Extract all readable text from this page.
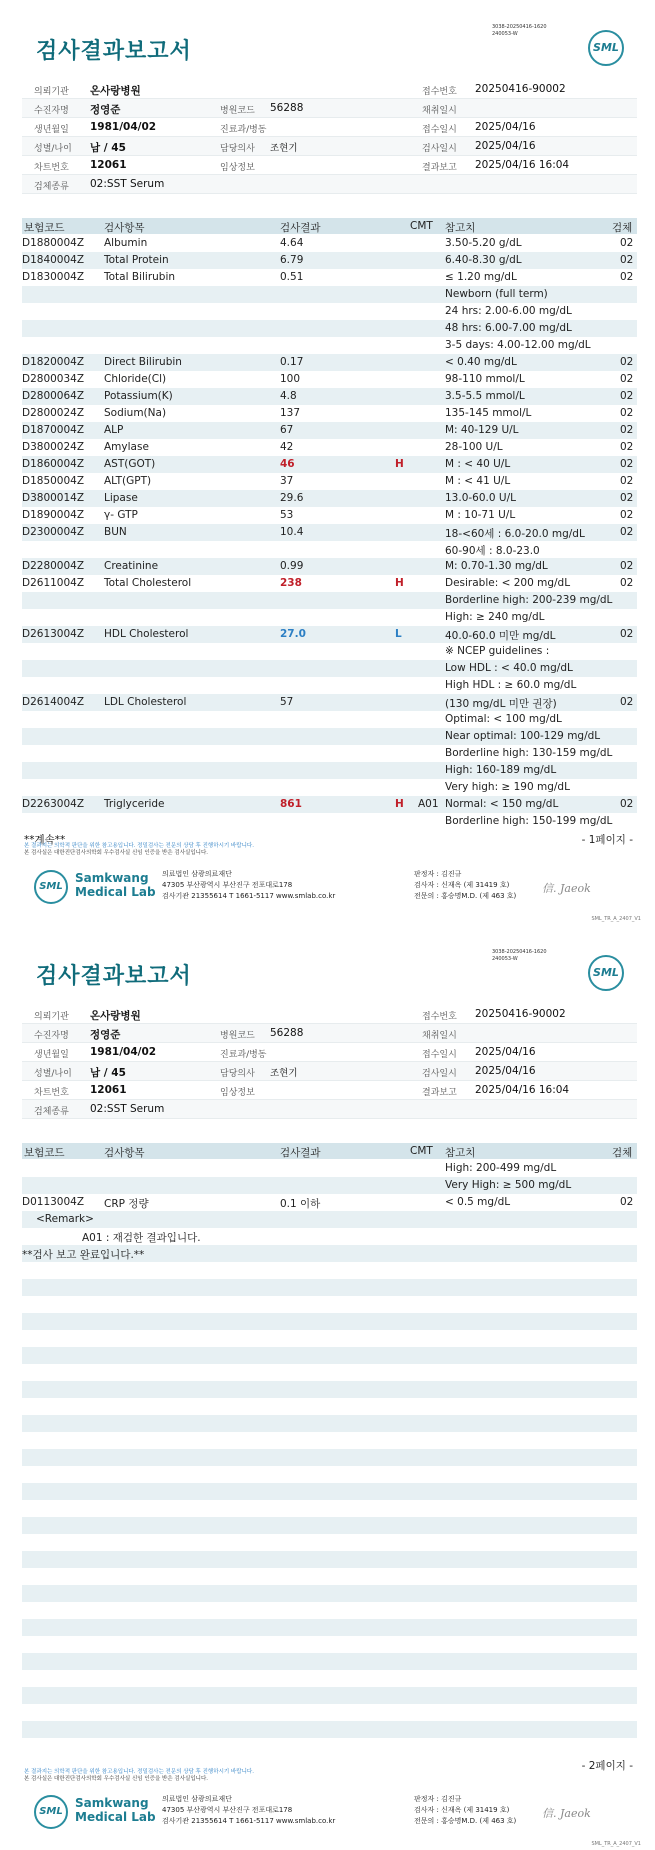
3038-20250416-1620
240053-W
검사결과보고서	SML
의뢰기관 온사랑병원	접수번호 20250416-90002
수진자명 정영준	병원코드 56288	채취일시
생년월일 1981/04/02	진료과/병동	접수일시 2025/04/16
성별/나이 남 / 45	담당의사 조현기	검사일시 2025/04/16
차트번호 12061	임상정보	결과보고 2025/04/16 16:04
검체종류 02:SST Serum
보험코드	검사항목	검사결과	CMT 참고치	검체
D1880004Z Albumin	4.64	3.50-5.20 g/dL	02
D1840004Z Total Protein	6.79	6.40-8.30 g/dL	02
D1830004Z Total Bilirubin	0.51	≤ 1.20 mg/dL	02
Newborn (full term)
24 hrs: 2.00-6.00 mg/dL
48 hrs: 6.00-7.00 mg/dL
3-5 days: 4.00-12.00 mg/dL
D1820004Z Direct Bilirubin	0.17	< 0.40 mg/dL	02
D2800034Z Chloride(Cl)	100	98-110 mmol/L	02
D2800064Z Potassium(K)	4.8	3.5-5.5 mmol/L	02
D2800024Z Sodium(Na)	137	135-145 mmol/L	02
D1870004Z ALP	67	M: 40-129 U/L	02
D3800024Z Amylase	42	28-100 U/L	02
D1860004Z AST(GOT)	46	H	M : < 40 U/L	02
D1850004Z ALT(GPT)	37	M : < 41 U/L	02
D3800014Z Lipase	29.6	13.0-60.0 U/L	02
D1890004Z γ- GTP	53	M : 10-71 U/L	02
D2300004Z BUN	10.4	18-<60세 : 6.0-20.0 mg/dL	02
60-90세 : 8.0-23.0
D2280004Z Creatinine	0.99	M: 0.70-1.30 mg/dL	02
D2611004Z Total Cholesterol	238	H	Desirable: < 200 mg/dL	02
Borderline high: 200-239 mg/dL
High: ≥ 240 mg/dL
D2613004Z HDL Cholesterol	27.0	L	40.0-60.0 미만 mg/dL	02
※ NCEP guidelines :
Low HDL : < 40.0 mg/dL
High HDL : ≥ 60.0 mg/dL
D2614004Z LDL Cholesterol	57	(130 mg/dL 미만 권장)	02
Optimal: < 100 mg/dL
Near optimal: 100-129 mg/dL
Borderline high: 130-159 mg/dL
High: 160-189 mg/dL
Very high: ≥ 190 mg/dL
D2263004Z Triglyceride	861	H A01 Normal: < 150 mg/dL	02
Borderline high: 150-199 mg/dL
**계속**	- 1페이지 -
본 결과지는 의학적 판단을 위한 참고용입니다. 정밀검사는 전문의 상담 후 진행하시기 바랍니다.
본 검사실은 대한진단검사의학회 우수검사실 신임 인증을 받은 검사실입니다.
SML
Samkwang
Medical Lab
의료법인 삼광의료재단
47305 부산광역시 부산진구 전포대로178
검사기관 21355614 T 1661-5117 www.smlab.co.kr
판정자 : 김진규
검사자 : 신재옥 (제 31419 호)
전문의 : 홍승명M.D. (제 463 호)
信. Jaeok
SML_TR_A_2407_V1
3038-20250416-1620
240053-W
검사결과보고서	SML
의뢰기관 온사랑병원	접수번호 20250416-90002
수진자명 정영준	병원코드 56288	채취일시
생년월일 1981/04/02	진료과/병동	접수일시 2025/04/16
성별/나이 남 / 45	담당의사 조현기	검사일시 2025/04/16
차트번호 12061	임상정보	결과보고 2025/04/16 16:04
검체종류 02:SST Serum
보험코드	검사항목	검사결과	CMT 참고치	검체
High: 200-499 mg/dL
Very High: ≥ 500 mg/dL
D0113004Z CRP 정량	0.1 이하	< 0.5 mg/dL	02
<Remark>
A01 : 재검한 결과입니다.
**검사 보고 완료입니다.**
- 2페이지 -
본 결과지는 의학적 판단을 위한 참고용입니다. 정밀검사는 전문의 상담 후 진행하시기 바랍니다.
본 검사실은 대한진단검사의학회 우수검사실 신임 인증을 받은 검사실입니다.
SML
Samkwang
Medical Lab
의료법인 삼광의료재단
47305 부산광역시 부산진구 전포대로178
검사기관 21355614 T 1661-5117 www.smlab.co.kr
판정자 : 김진규
검사자 : 신재옥 (제 31419 호)
전문의 : 홍승명M.D. (제 463 호)
信. Jaeok
SML_TR_A_2407_V1
